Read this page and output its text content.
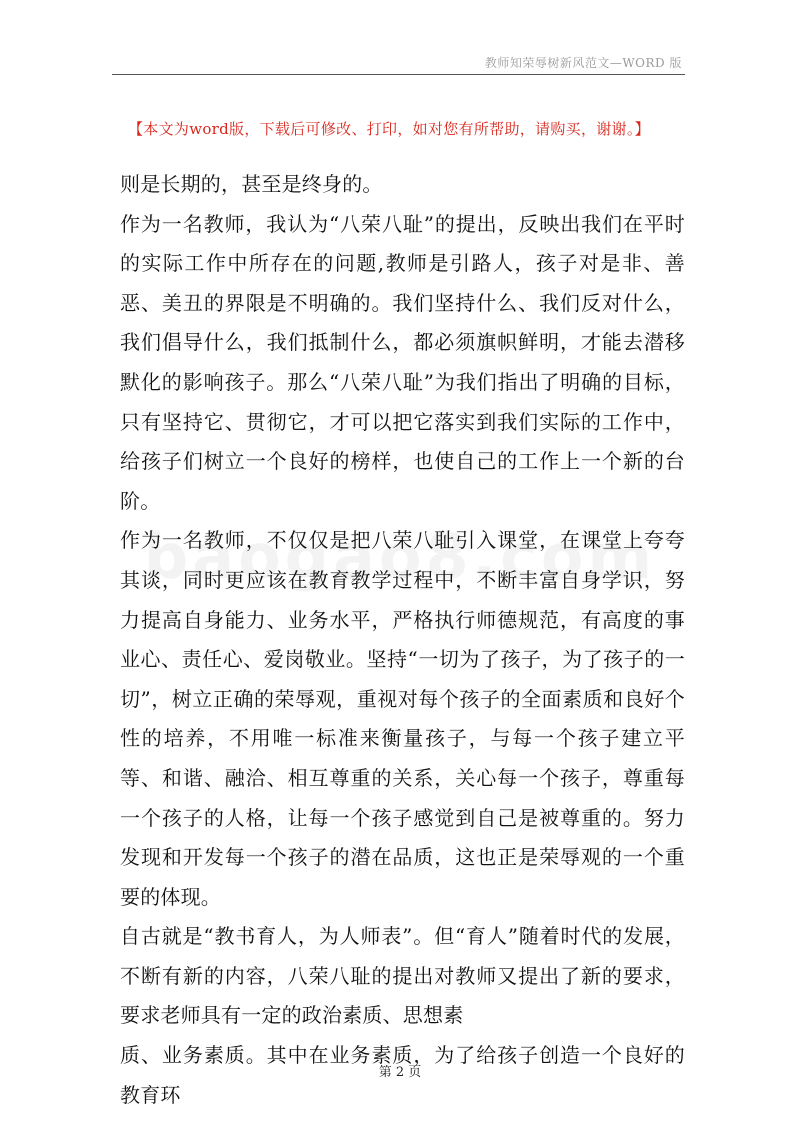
教师知荣辱树新风范文—WORD 版
【本文为word版，下载后可修改、打印，如对您有所帮助，请购买，谢谢。】

则是长期的，甚至是终身的。

作为一名教师，我认为“八荣八耻”的提出，反映出我们在平时的实际工作中所存在的问题,教师是引路人，孩子对是非、善恶、美丑的界限是不明确的。我们坚持什么、我们反对什么，我们倡导什么，我们抵制什么，都必须旗帜鲜明，才能去潜移默化的影响孩子。那么“八荣八耻”为我们指出了明确的目标，只有坚持它、贯彻它，才可以把它落实到我们实际的工作中，给孩子们树立一个良好的榜样，也使自己的工作上一个新的台阶。

作为一名教师，不仅仅是把八荣八耻引入课堂，在课堂上夸夸其谈，同时更应该在教育教学过程中，不断丰富自身学识，努力提高自身能力、业务水平，严格执行师德规范，有高度的事业心、责任心、爱岗敬业。坚持“一切为了孩子，为了孩子的一切”，树立正确的荣辱观，重视对每个孩子的全面素质和良好个性的培养，不用唯一标准来衡量孩子，与每一个孩子建立平等、和谐、融洽、相互尊重的关系，关心每一个孩子，尊重每一个孩子的人格，让每一个孩子感觉到自己是被尊重的。努力发现和开发每一个孩子的潜在品质，这也正是荣辱观的一个重要的体现。

自古就是“教书育人，为人师表”。但“育人”随着时代的发展，不断有新的内容，八荣八耻的提出对教师又提出了新的要求，要求老师具有一定的政治素质、思想素

质、业务素质。其中在业务素质，为了给孩子创造一个良好的教育环

第 2 页
